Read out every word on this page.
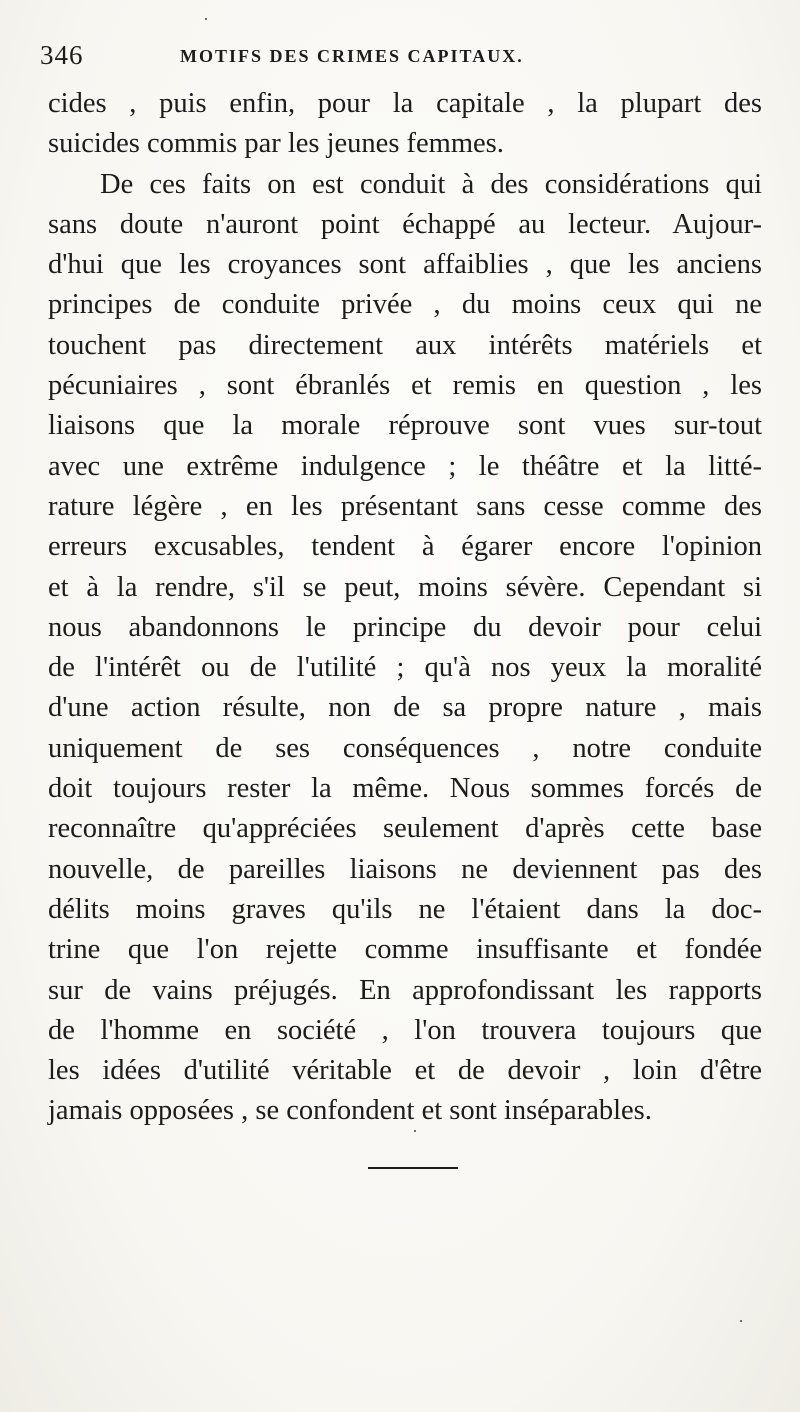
346	MOTIFS DES CRIMES CAPITAUX.
cides , puis enfin, pour la capitale , la plupart des
suicides commis par les jeunes femmes.
De ces faits on est conduit à des considérations qui
sans doute n'auront point échappé au lecteur. Aujour-
d'hui que les croyances sont affaiblies , que les anciens
principes de conduite privée , du moins ceux qui ne
touchent pas directement aux intérêts matériels et
pécuniaires , sont ébranlés et remis en question , les
liaisons que la morale réprouve sont vues sur-tout
avec une extrême indulgence ; le théâtre et la litté-
rature légère , en les présentant sans cesse comme des
erreurs excusables, tendent à égarer encore l'opinion
et à la rendre, s'il se peut, moins sévère. Cependant si
nous abandonnons le principe du devoir pour celui
de l'intérêt ou de l'utilité ; qu'à nos yeux la moralité
d'une action résulte, non de sa propre nature , mais
uniquement de ses conséquences , notre conduite
doit toujours rester la même. Nous sommes forcés de
reconnaître qu'appréciées seulement d'après cette base
nouvelle, de pareilles liaisons ne deviennent pas des
délits moins graves qu'ils ne l'étaient dans la doc-
trine que l'on rejette comme insuffisante et fondée
sur de vains préjugés. En approfondissant les rapports
de l'homme en société , l'on trouvera toujours que
les idées d'utilité véritable et de devoir , loin d'être
jamais opposées , se confondent et sont inséparables.
